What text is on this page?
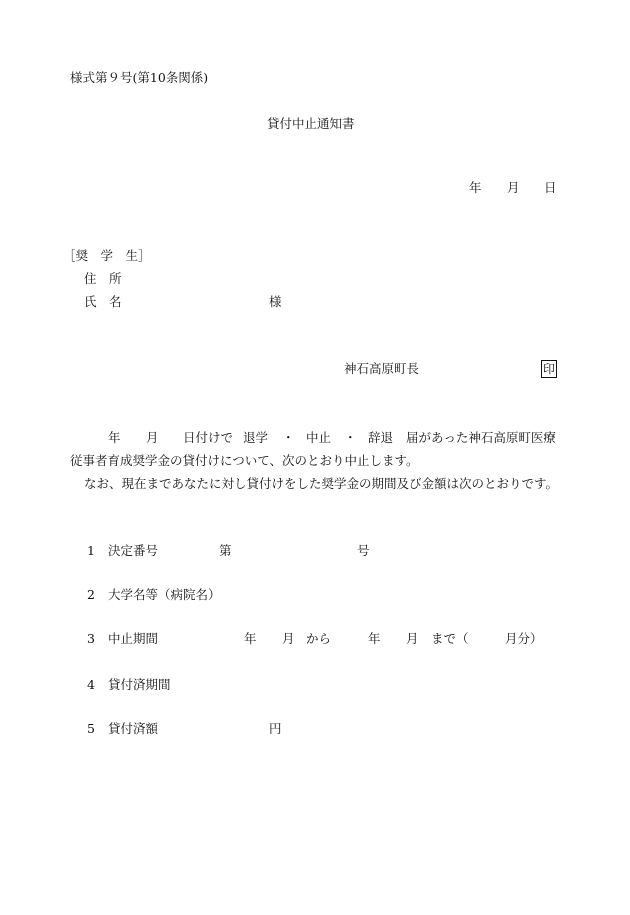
様式第９号(第10条関係)
貸付中止通知書
年 月 日
［奨　学　生］
住　所
氏　名	様
神石高原町長	印
年 月 日付けで 退学 ・ 中止 ・ 辞退 届があった神石高原町医療
従事者育成奨学金の貸付けについて、次のとおり中止します。
なお、現在まであなたに対し貸付けをした奨学金の期間及び金額は次のとおりです。
1 決定番号	第	号
2 大学名等（病院名）
3 中止期間	年 月 から	年 月 まで（	月分）
4 貸付済期間
5 貸付済額	円
